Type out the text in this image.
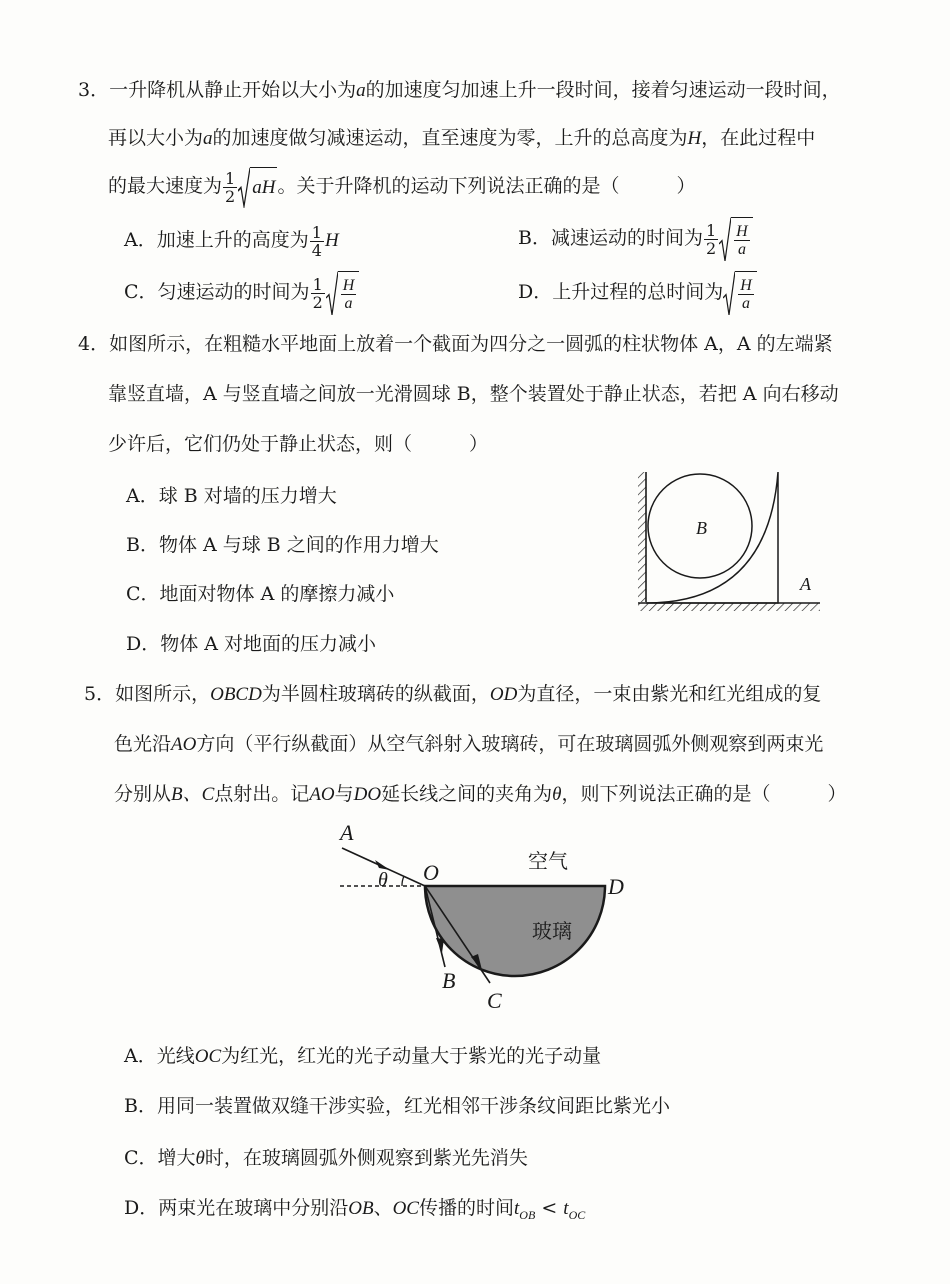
3．一升降机从静止开始以大小为a的加速度匀加速上升一段时间，接着匀速运动一段时间，
再以大小为a的加速度做匀减速运动，直至速度为零，上升的总高度为H，在此过程中
的最大速度为 $\frac{1}{2}$ aH 。关于升降机的运动下列说法正确的是（　　　）
A．加速上升的高度为 $\frac{1}{4}$ H	B．减速运动的时间为 $\frac{1}{2} \frac{H}{a}$
C．匀速运动的时间为 $\frac{1}{2} \frac{H}{a}$	D．上升过程的总时间为 $\frac{H}{a}$
4．如图所示，在粗糙水平地面上放着一个截面为四分之一圆弧的柱状物体 A，A 的左端紧
靠竖直墙，A 与竖直墙之间放一光滑圆球 B，整个装置处于静止状态，若把 A 向右移动
少许后，它们仍处于静止状态，则（　　　）
A．球 B 对墙的压力增大
B．物体 A 与球 B 之间的作用力增大
C．地面对物体 A 的摩擦力减小
D．物体 A 对地面的压力减小
B
A
5．如图所示，OBCD为半圆柱玻璃砖的纵截面，OD为直径，一束由紫光和红光组成的复
色光沿AO方向（平行纵截面）从空气斜射入玻璃砖，可在玻璃圆弧外侧观察到两束光
分别从B、C点射出。记AO与DO延长线之间的夹角为θ，则下列说法正确的是（　　　）
A
θ O	空气
D
玻璃
B
C
A．光线OC为红光，红光的光子动量大于紫光的光子动量
B．用同一装置做双缝干涉实验，红光相邻干涉条纹间距比紫光小
C．增大θ时，在玻璃圆弧外侧观察到紫光先消失
D．两束光在玻璃中分别沿OB、OC传播的时间$t_{OB} < t_{OC}$
